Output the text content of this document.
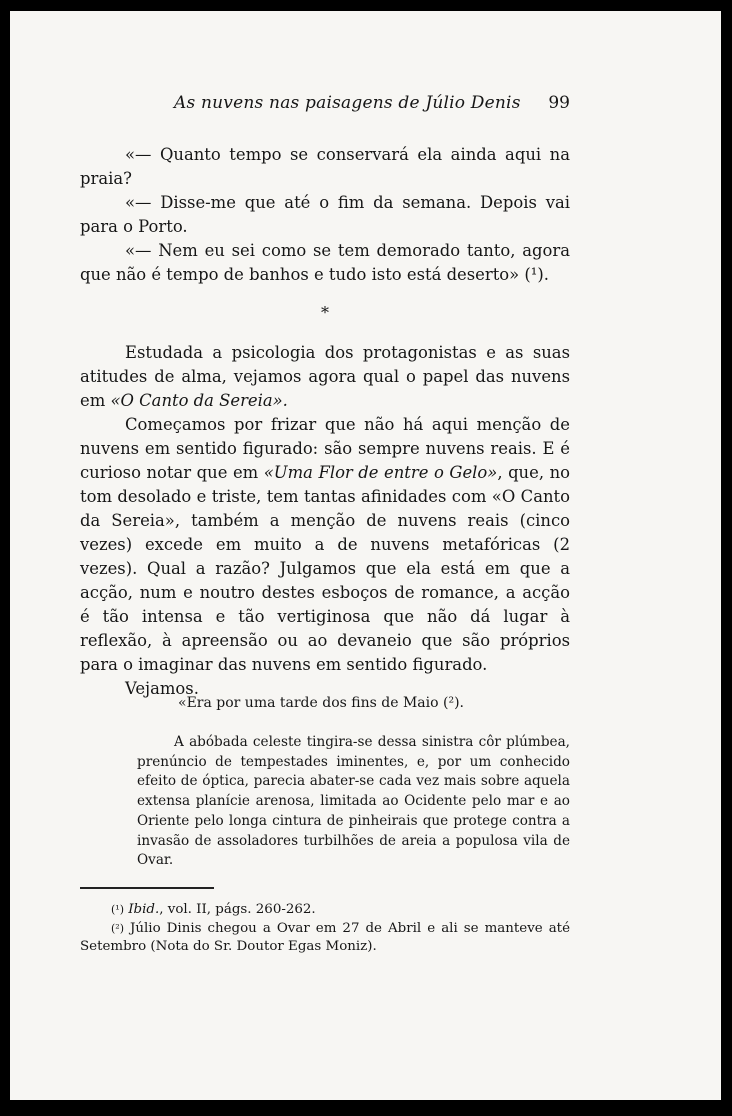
As nuvens nas paisagens de Júlio Denis 99

«— Quanto tempo se conservará ela ainda aqui na praia?

«— Disse-me que até o fim da semana. Depois vai para o Porto.

«— Nem eu sei como se tem demorado tanto, agora que não é tempo de banhos e tudo isto está deserto» (¹).

*

Estudada a psicologia dos protagonistas e as suas atitudes de alma, vejamos agora qual o papel das nuvens em «O Canto da Sereia».

Começamos por frizar que não há aqui menção de nuvens em sentido figurado: são sempre nuvens reais. E é curioso notar que em «Uma Flor de entre o Gelo», que, no tom desolado e triste, tem tantas afinidades com «O Canto da Sereia», também a menção de nuvens reais (cinco vezes) excede em muito a de nuvens metafóricas (2 vezes). Qual a razão? Julgamos que ela está em que a acção, num e noutro destes esboços de romance, a acção é tão intensa e tão vertiginosa que não dá lugar à reflexão, à apreensão ou ao devaneio que são próprios para o imaginar das nuvens em sentido figurado.

Vejamos.

«Era por uma tarde dos fins de Maio (²).

A abóbada celeste tingira-se dessa sinistra côr plúmbea, prenúncio de tempestades iminentes, e, por um conhecido efeito de óptica, parecia abater-se cada vez mais sobre aquela extensa planície arenosa, limitada ao Ocidente pelo mar e ao Oriente pelo longa cintura de pinheirais que protege contra a invasão de assoladores turbilhões de areia a populosa vila de Ovar.

(¹) Ibid., vol. II, págs. 260-262.

(²) Júlio Dinis chegou a Ovar em 27 de Abril e ali se manteve até Setembro (Nota do Sr. Doutor Egas Moniz).
